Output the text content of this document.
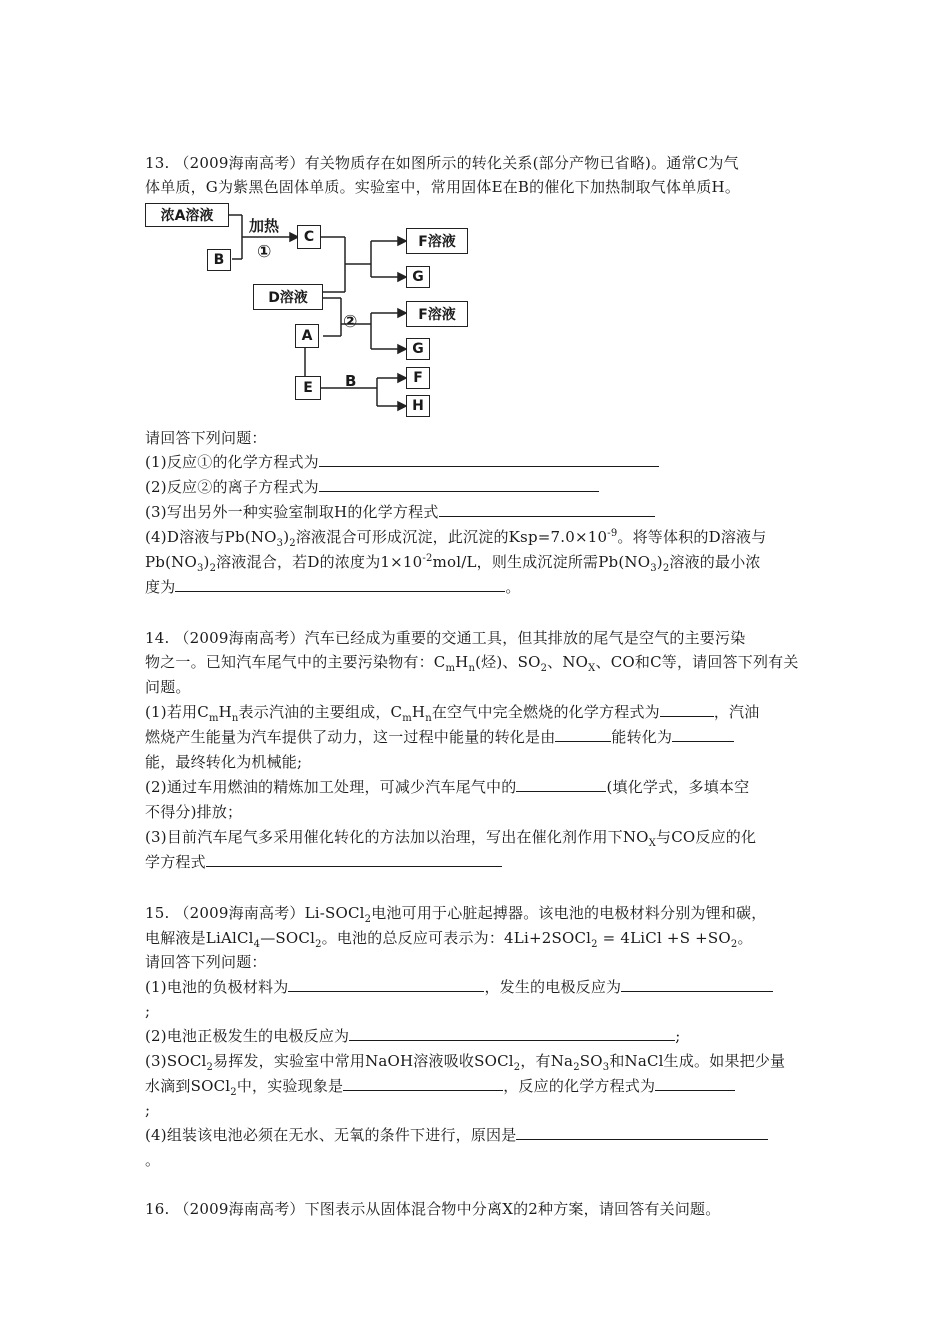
13. （2009海南高考）有关物质存在如图所示的转化关系(部分产物已省略)。通常C为气
体单质，G为紫黑色固体单质。实验室中，常用固体E在B的催化下加热制取气体单质H。
浓A溶液
B
加热
①
C	F溶液
G
D溶液
A
②	F溶液
G
E	B	F
H
请回答下列问题：
(1)反应①的化学方程式为
(2)反应②的离子方程式为
(3)写出另外一种实验室制取H的化学方程式
(4)D溶液与$Pb(NO_3)_2$溶液混合可形成沉淀，此沉淀的$Ksp=7.0\times 10^{-9}$。将等体积的D溶液与
$Pb(NO_3)_2$溶液混合，若D的浓度为$1\times 10^{-2}mol/L$，则生成沉淀所需$Pb(NO_3)_2$溶液的最小浓
度为	。
14. （2009海南高考）汽车已经成为重要的交通工具，但其排放的尾气是空气的主要污染
物之一。已知汽车尾气中的主要污染物有：$C_mH_n$(烃)、$SO_2$、$NO_X$、CO和C等，请回答下列有关
问题。
(1)若用$C_mH_n$表示汽油的主要组成，$C_mH_n$在空气中完全燃烧的化学方程式为	，汽油
燃烧产生能量为汽车提供了动力，这一过程中能量的转化是由	能转化为
能，最终转化为机械能;
(2)通过车用燃油的精炼加工处理，可减少汽车尾气中的	(填化学式，多填本空
不得分)排放；
(3)目前汽车尾气多采用催化转化的方法加以治理，写出在催化剂作用下$NO_X$与CO反应的化
学方程式
15. （2009海南高考）Li-SOCl$_2$电池可用于心脏起搏器。该电池的电极材料分别为锂和碳，
电解液是LiAlCl$_4$—SOCl$_2$。电池的总反应可表示为：4Li+2SOCl$_2$ = 4LiCl $+S +SO_2$。
请回答下列问题：
(1)电池的负极材料为	，发生的电极反应为
;
(2)电池正极发生的电极反应为	;
(3)SOCl$_2$易挥发，实验室中常用NaOH溶液吸收SOCl$_2$，有$Na_2SO_3$和NaCl生成。如果把少量
水滴到SOCl$_2$中，实验现象是	，反应的化学方程式为
;
(4)组装该电池必须在无水、无氧的条件下进行，原因是
。
16. （2009海南高考）下图表示从固体混合物中分离X的2种方案，请回答有关问题。
